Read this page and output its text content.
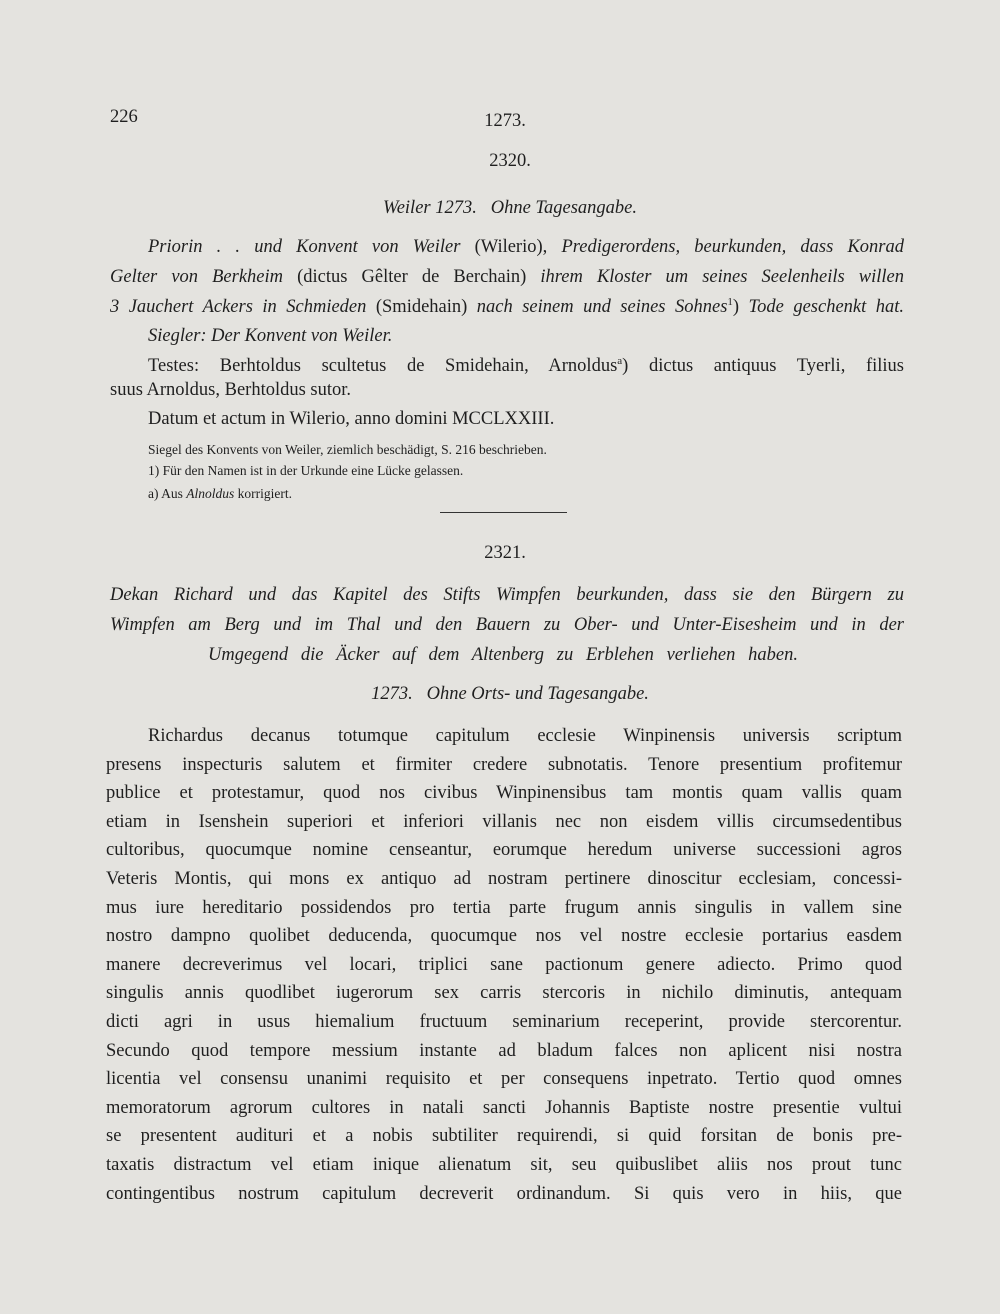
226	1273.
2320.
Weiler 1273.   Ohne Tagesangabe.
Priorin . . und Konvent von Weiler (Wilerio), Predigerordens, beurkunden, dass Konrad
Gelter von Berkheim (dictus Gêlter de Berchain) ihrem Kloster um seines Seelenheils willen
3 Jauchert Ackers in Schmieden (Smidehain) nach seinem und seines Sohnes$^1$) Tode geschenkt hat.
Siegler: Der Konvent von Weiler.
Testes: Berhtoldus scultetus de Smidehain, Arnoldus$^a$) dictus antiquus Tyerli, filius
suus Arnoldus, Berhtoldus sutor.
Datum et actum in Wilerio, anno domini MCCLXXIII.
Siegel des Konvents von Weiler, ziemlich beschädigt, S. 216 beschrieben.
1) Für den Namen ist in der Urkunde eine Lücke gelassen.
a) Aus Alnoldus korrigiert.
2321.
Dekan Richard und das Kapitel des Stifts Wimpfen beurkunden, dass sie den Bürgern zu
Wimpfen am Berg und im Thal und den Bauern zu Ober- und Unter-Eisesheim und in der
Umgegend die Äcker auf dem Altenberg zu Erblehen verliehen haben.
1273.   Ohne Orts- und Tagesangabe.
Richardus decanus totumque capitulum ecclesie Winpinensis universis scriptum
presens inspecturis salutem et firmiter credere subnotatis. Tenore presentium profitemur
publice et protestamur, quod nos civibus Winpinensibus tam montis quam vallis quam
etiam in Isenshein superiori et inferiori villanis nec non eisdem villis circumsedentibus
cultoribus, quocumque nomine censeantur, eorumque heredum universe successioni agros
Veteris Montis, qui mons ex antiquo ad nostram pertinere dinoscitur ecclesiam, concessi-
mus iure hereditario possidendos pro tertia parte frugum annis singulis in vallem sine
nostro dampno quolibet deducenda, quocumque nos vel nostre ecclesie portarius easdem
manere decreverimus vel locari, triplici sane pactionum genere adiecto. Primo quod
singulis annis quodlibet iugerorum sex carris stercoris in nichilo diminutis, antequam
dicti agri in usus hiemalium fructuum seminarium receperint, provide stercorentur.
Secundo quod tempore messium instante ad bladum falces non aplicent nisi nostra
licentia vel consensu unanimi requisito et per consequens inpetrato. Tertio quod omnes
memoratorum agrorum cultores in natali sancti Johannis Baptiste nostre presentie vultui
se presentent audituri et a nobis subtiliter requirendi, si quid forsitan de bonis pre-
taxatis distractum vel etiam inique alienatum sit, seu quibuslibet aliis nos prout tunc
contingentibus nostrum capitulum decreverit ordinandum. Si quis vero in hiis, que
